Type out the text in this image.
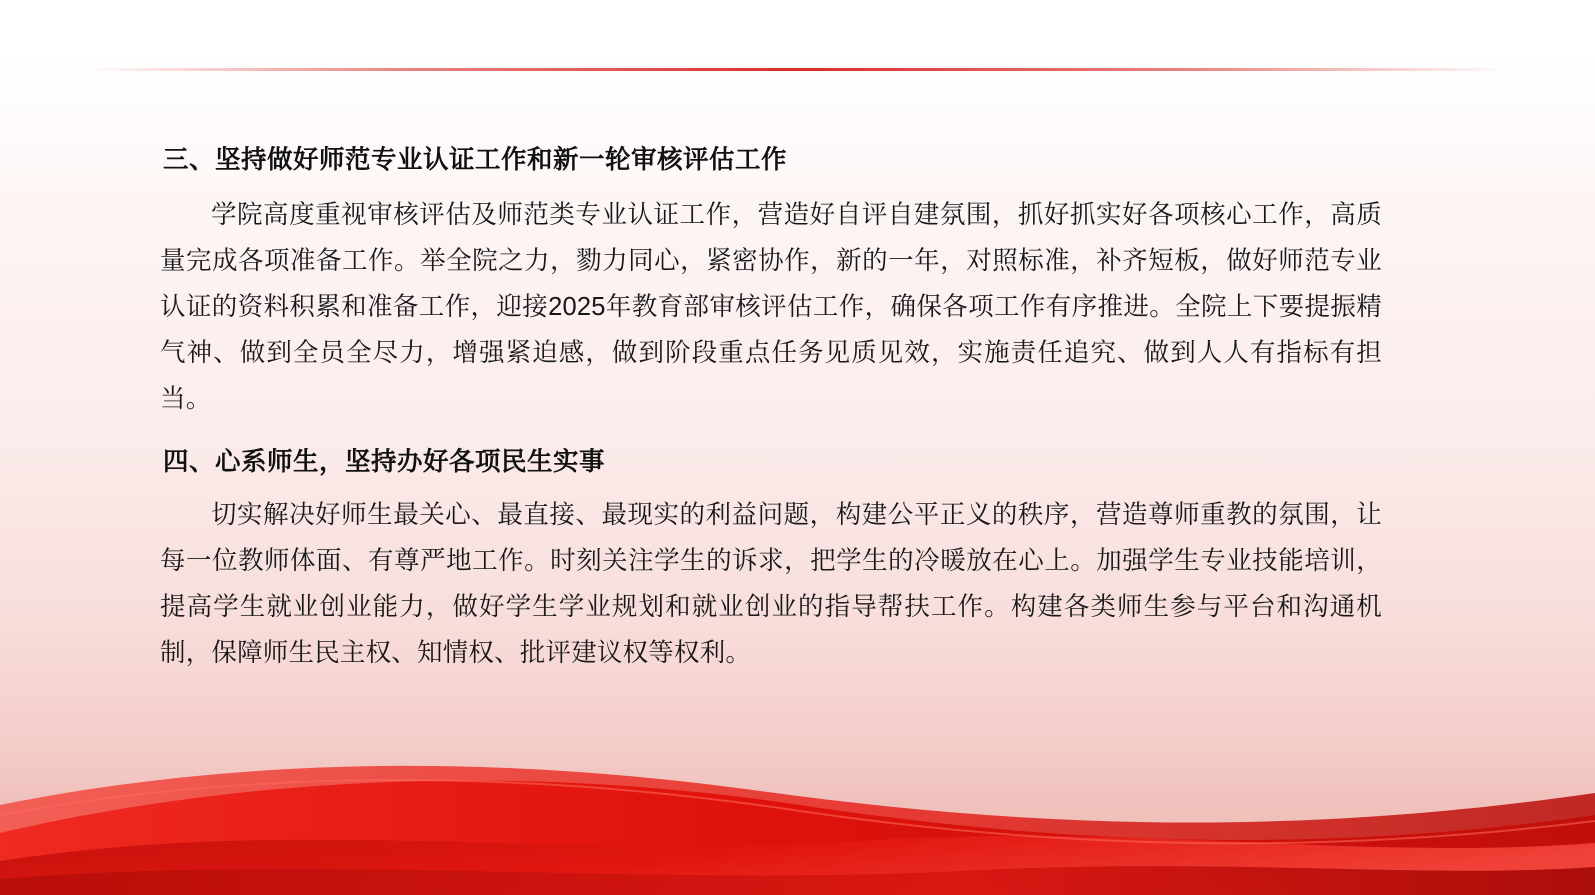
三、坚持做好师范专业认证工作和新一轮审核评估工作
学院高度重视审核评估及师范类专业认证工作，营造好自评自建氛围，抓好抓实好各项核心工作，高质量完成各项准备工作。举全院之力，勠力同心，紧密协作，新的一年，对照标准，补齐短板，做好师范专业认证的资料积累和准备工作，迎接2025年教育部审核评估工作，确保各项工作有序推进。全院上下要提振精气神、做到全员全尽力，增强紧迫感，做到阶段重点任务见质见效，实施责任追究、做到人人有指标有担当。
四、心系师生，坚持办好各项民生实事
切实解决好师生最关心、最直接、最现实的利益问题，构建公平正义的秩序，营造尊师重教的氛围，让每一位教师体面、有尊严地工作。时刻关注学生的诉求，把学生的冷暖放在心上。加强学生专业技能培训，提高学生就业创业能力，做好学生学业规划和就业创业的指导帮扶工作。构建各类师生参与平台和沟通机制，保障师生民主权、知情权、批评建议权等权利。
